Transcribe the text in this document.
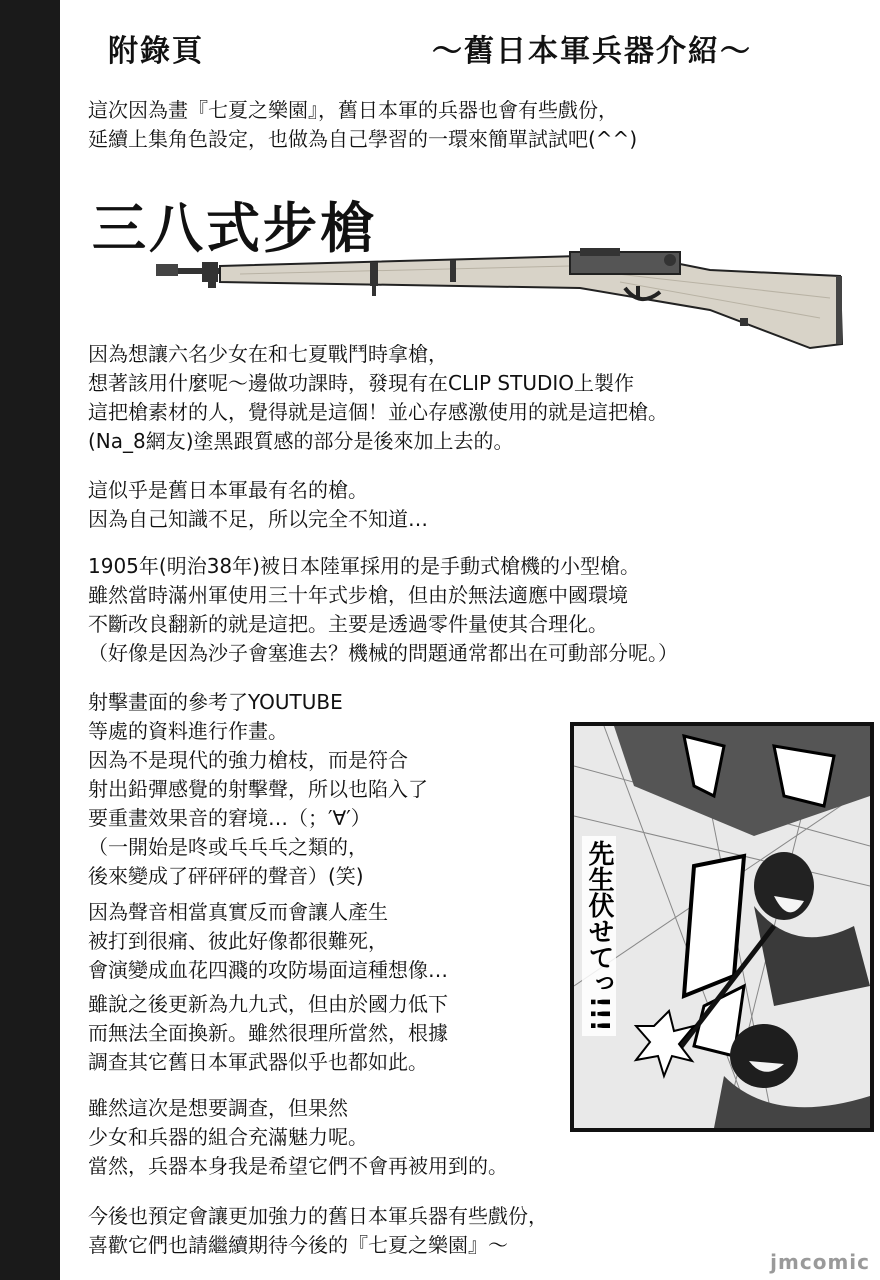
附錄頁	～舊日本軍兵器介紹～
這次因為畫『七夏之樂園』，舊日本軍的兵器也會有些戲份，
延續上集角色設定，也做為自己學習的一環來簡單試試吧(^^)
三八式步槍
因為想讓六名少女在和七夏戰鬥時拿槍，
想著該用什麼呢～邊做功課時，發現有在CLIP STUDIO上製作
這把槍素材的人，覺得就是這個！並心存感激使用的就是這把槍。
(Na_8網友)塗黑跟質感的部分是後來加上去的。
這似乎是舊日本軍最有名的槍。
因為自己知識不足，所以完全不知道…
1905年(明治38年)被日本陸軍採用的是手動式槍機的小型槍。
雖然當時滿州軍使用三十年式步槍，但由於無法適應中國環境
不斷改良翻新的就是這把。主要是透過零件量使其合理化。
（好像是因為沙子會塞進去？機械的問題通常都出在可動部分呢。）
射擊畫面的參考了YOUTUBE
等處的資料進行作畫。
因為不是現代的強力槍枝，而是符合
射出鉛彈感覺的射擊聲，所以也陷入了
要重畫效果音的窘境…（；′∀′）
（一開始是咚或乓乓乓之類的，
後來變成了砰砰砰的聲音）(笑)
因為聲音相當真實反而會讓人產生
被打到很痛、彼此好像都很難死，
會演變成血花四濺的攻防場面這種想像…
雖說之後更新為九九式，但由於國力低下
而無法全面換新。雖然很理所當然，根據
調查其它舊日本軍武器似乎也都如此。
雖然這次是想要調查，但果然
少女和兵器的組合充滿魅力呢。
當然，兵器本身我是希望它們不會再被用到的。
今後也預定會讓更加強力的舊日本軍兵器有些戲份，
喜歡它們也請繼續期待今後的『七夏之樂園』～
先生伏せてっ!!!
jmcomic
